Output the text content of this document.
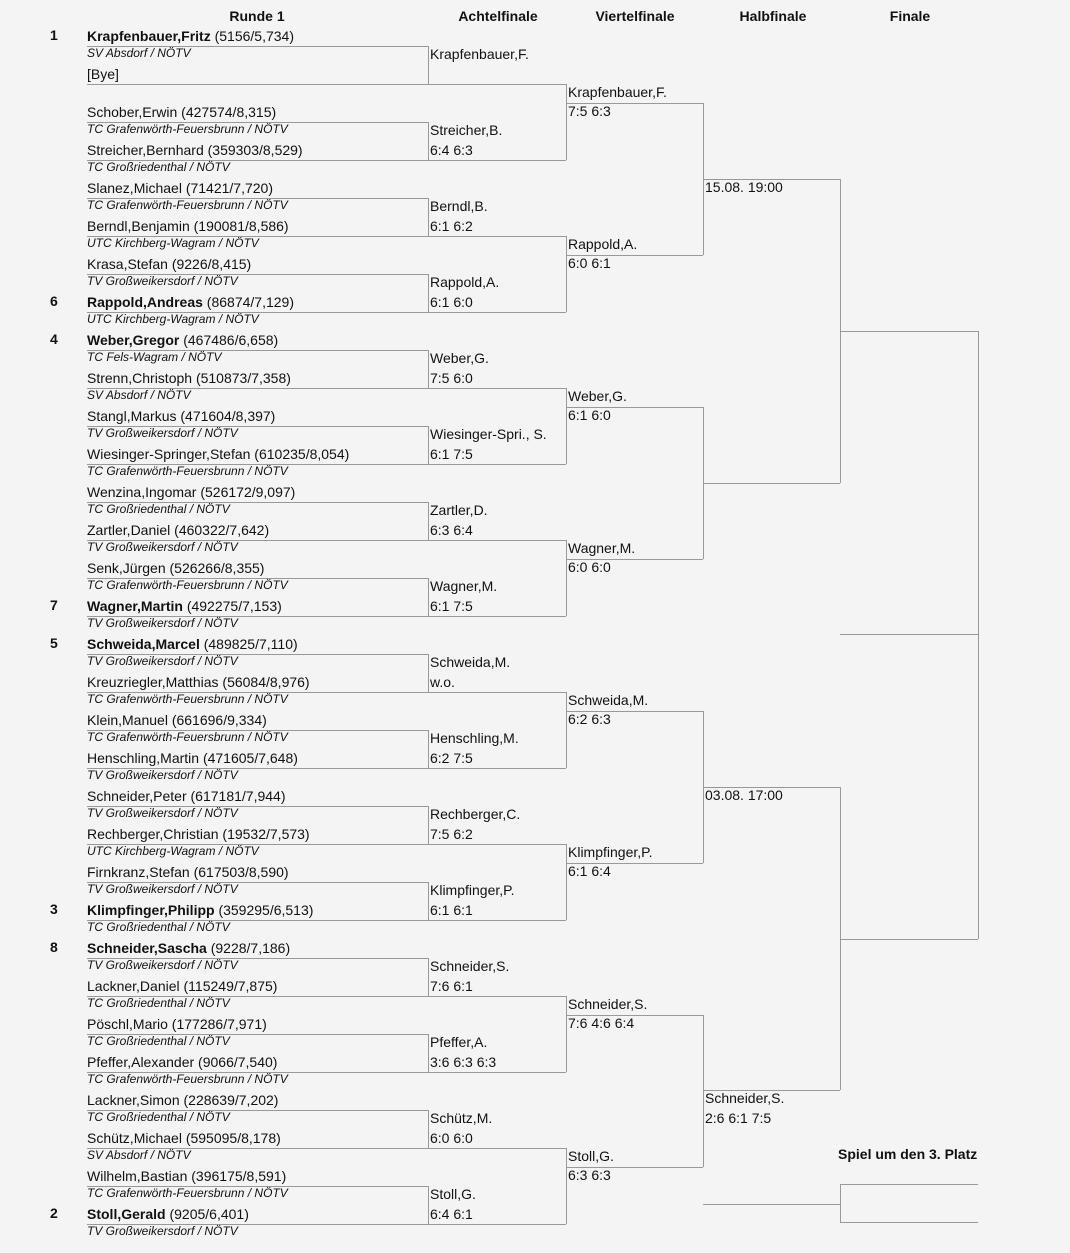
Runde 1	Achtelfinale	Viertelfinale	Halbfinale	Finale
1 Krapfenbauer,Fritz (5156/5,734)
SV Absdorf / NÖTV
[Bye]
Schober,Erwin (427574/8,315)
TC Grafenwörth-Feuersbrunn / NÖTV
Streicher,Bernhard (359303/8,529)
TC Großriedenthal / NÖTV
Slanez,Michael (71421/7,720)
TC Grafenwörth-Feuersbrunn / NÖTV
Berndl,Benjamin (190081/8,586)
UTC Kirchberg-Wagram / NÖTV
Krasa,Stefan (9226/8,415)
TV Großweikersdorf / NÖTV
6 Rappold,Andreas (86874/7,129)
UTC Kirchberg-Wagram / NÖTV
4 Weber,Gregor (467486/6,658)
TC Fels-Wagram / NÖTV
Strenn,Christoph (510873/7,358)
SV Absdorf / NÖTV
Stangl,Markus (471604/8,397)
TV Großweikersdorf / NÖTV
Wiesinger-Springer,Stefan (610235/8,054)
TC Grafenwörth-Feuersbrunn / NÖTV
Wenzina,Ingomar (526172/9,097)
TC Großriedenthal / NÖTV
Zartler,Daniel (460322/7,642)
TV Großweikersdorf / NÖTV
Senk,Jürgen (526266/8,355)
TC Grafenwörth-Feuersbrunn / NÖTV
7 Wagner,Martin (492275/7,153)
TV Großweikersdorf / NÖTV
5 Schweida,Marcel (489825/7,110)
TV Großweikersdorf / NÖTV
Kreuzriegler,Matthias (56084/8,976)
TC Grafenwörth-Feuersbrunn / NÖTV
Klein,Manuel (661696/9,334)
TC Grafenwörth-Feuersbrunn / NÖTV
Henschling,Martin (471605/7,648)
TV Großweikersdorf / NÖTV
Schneider,Peter (617181/7,944)
TV Großweikersdorf / NÖTV
Rechberger,Christian (19532/7,573)
UTC Kirchberg-Wagram / NÖTV
Firnkranz,Stefan (617503/8,590)
TV Großweikersdorf / NÖTV
3 Klimpfinger,Philipp (359295/6,513)
TC Großriedenthal / NÖTV
8 Schneider,Sascha (9228/7,186)
TV Großweikersdorf / NÖTV
Lackner,Daniel (115249/7,875)
TC Großriedenthal / NÖTV
Pöschl,Mario (177286/7,971)
TC Großriedenthal / NÖTV
Pfeffer,Alexander (9066/7,540)
TC Grafenwörth-Feuersbrunn / NÖTV
Lackner,Simon (228639/7,202)
TC Großriedenthal / NÖTV
Schütz,Michael (595095/8,178)
SV Absdorf / NÖTV
Wilhelm,Bastian (396175/8,591)
TC Grafenwörth-Feuersbrunn / NÖTV
2 Stoll,Gerald (9205/6,401)
TV Großweikersdorf / NÖTV
Krapfenbauer,F.
Streicher,B.
6:4 6:3
Berndl,B.
6:1 6:2
Rappold,A.
6:1 6:0
Weber,G.
7:5 6:0
Wiesinger-Spri., S.
6:1 7:5
Zartler,D.
6:3 6:4
Wagner,M.
6:1 7:5
Schweida,M.
w.o.
Henschling,M.
6:2 7:5
Rechberger,C.
7:5 6:2
Klimpfinger,P.
6:1 6:1
Schneider,S.
7:6 6:1
Pfeffer,A.
3:6 6:3 6:3
Schütz,M.
6:0 6:0
Stoll,G.
6:4 6:1
Krapfenbauer,F.
7:5 6:3
Rappold,A.
6:0 6:1
Weber,G.
6:1 6:0
Wagner,M.
6:0 6:0
Schweida,M.
6:2 6:3
Klimpfinger,P.
6:1 6:4
Schneider,S.
7:6 4:6 6:4
Stoll,G.
6:3 6:3
15.08. 19:00
03.08. 17:00
Schneider,S.
2:6 6:1 7:5
Spiel um den 3. Platz
